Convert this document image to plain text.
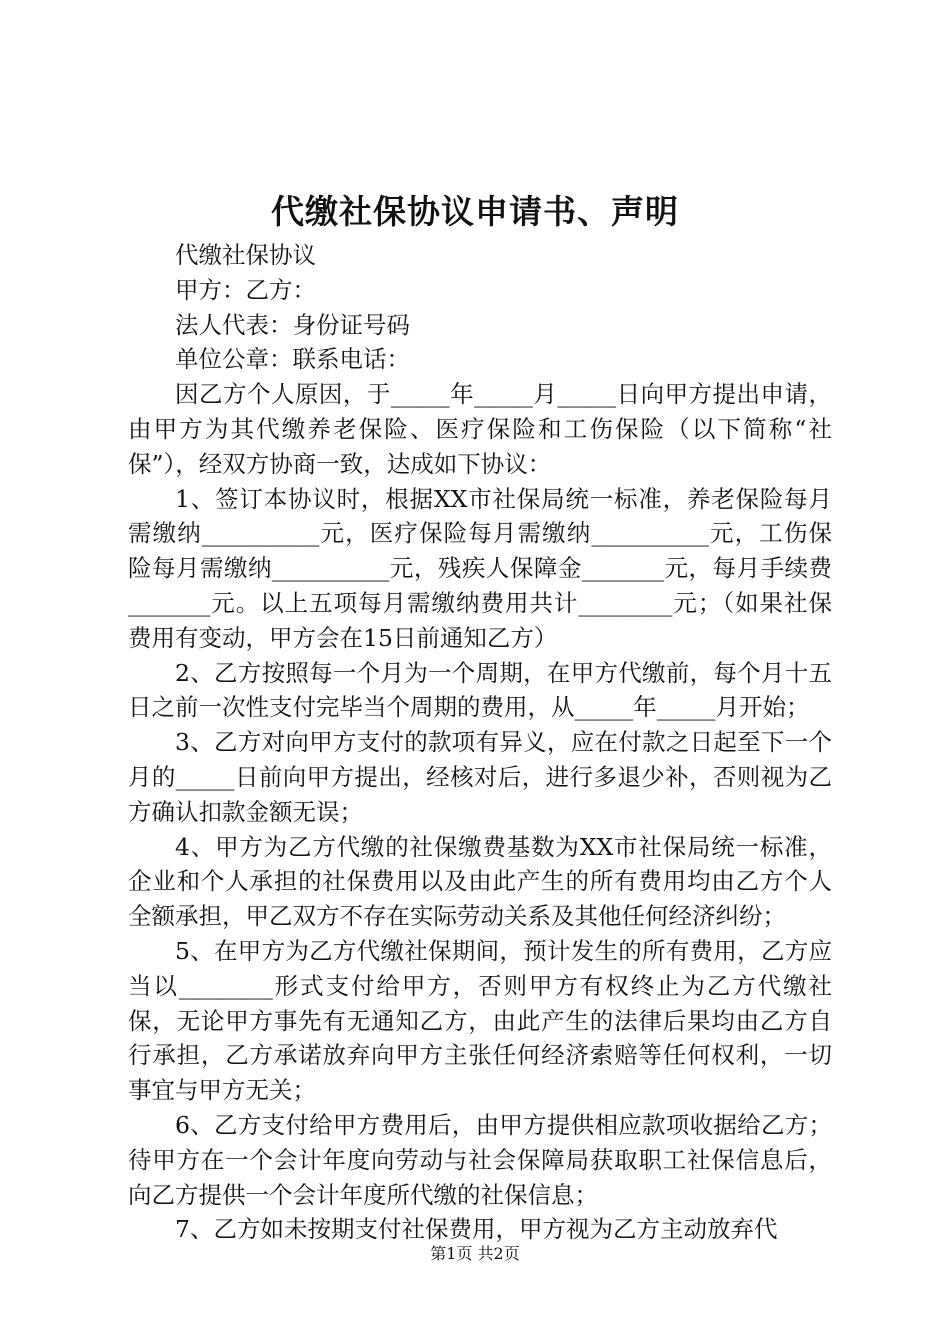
代缴社保协议申请书、声明

代缴社保协议

甲方：乙方：

法人代表：身份证号码

单位公章：联系电话：

因乙方个人原因，于_____年_____月_____日向甲方提出申请，由甲方为其代缴养老保险、医疗保险和工伤保险（以下简称“社保”），经双方协商一致，达成如下协议：

1、签订本协议时，根据XX市社保局统一标准，养老保险每月需缴纳__________元，医疗保险每月需缴纳__________元，工伤保险每月需缴纳__________元，残疾人保障金_______元，每月手续费_______元。以上五项每月需缴纳费用共计________元；（如果社保费用有变动，甲方会在15日前通知乙方）

2、乙方按照每一个月为一个周期，在甲方代缴前，每个月十五日之前一次性支付完毕当个周期的费用，从_____年_____月开始；

3、乙方对向甲方支付的款项有异义，应在付款之日起至下一个月的_____日前向甲方提出，经核对后，进行多退少补，否则视为乙方确认扣款金额无误；

4、甲方为乙方代缴的社保缴费基数为XX市社保局统一标准，企业和个人承担的社保费用以及由此产生的所有费用均由乙方个人全额承担，甲乙双方不存在实际劳动关系及其他任何经济纠纷；

5、在甲方为乙方代缴社保期间，预计发生的所有费用，乙方应当以________形式支付给甲方，否则甲方有权终止为乙方代缴社保，无论甲方事先有无通知乙方，由此产生的法律后果均由乙方自行承担，乙方承诺放弃向甲方主张任何经济索赔等任何权利，一切事宜与甲方无关；

6、乙方支付给甲方费用后，由甲方提供相应款项收据给乙方；待甲方在一个会计年度向劳动与社会保障局获取职工社保信息后，向乙方提供一个会计年度所代缴的社保信息；

7、乙方如未按期支付社保费用，甲方视为乙方主动放弃代

第1页 共2页
